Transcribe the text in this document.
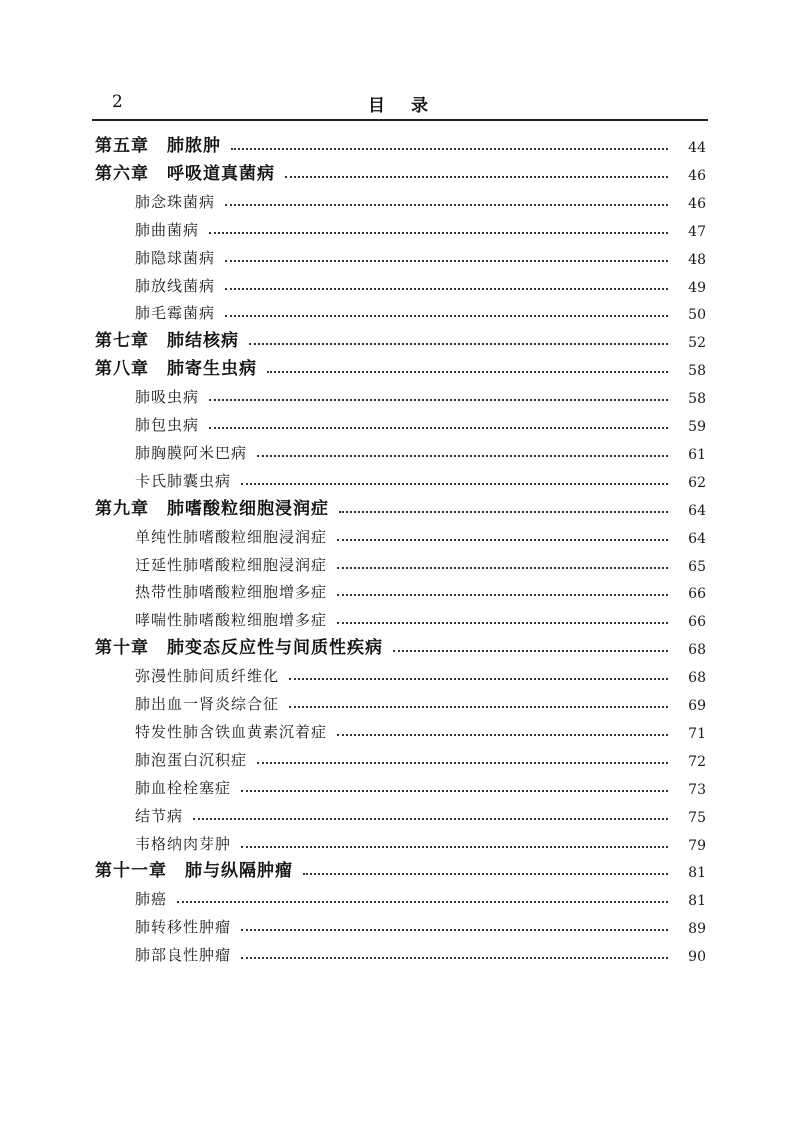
2	目录
第五章 肺脓肿	44
第六章 呼吸道真菌病	46
肺念珠菌病	46
肺曲菌病	47
肺隐球菌病	48
肺放线菌病	49
肺毛霉菌病	50
第七章 肺结核病	52
第八章 肺寄生虫病	58
肺吸虫病	58
肺包虫病	59
肺胸膜阿米巴病	61
卡氏肺囊虫病	62
第九章 肺嗜酸粒细胞浸润症	64
单纯性肺嗜酸粒细胞浸润症	64
迁延性肺嗜酸粒细胞浸润症	65
热带性肺嗜酸粒细胞增多症	66
哮喘性肺嗜酸粒细胞增多症	66
第十章 肺变态反应性与间质性疾病	68
弥漫性肺间质纤维化	68
肺出血一肾炎综合征	69
特发性肺含铁血黄素沉着症	71
肺泡蛋白沉积症	72
肺血栓栓塞症	73
结节病	75
韦格纳肉芽肿	79
第十一章 肺与纵隔肿瘤	81
肺癌	81
肺转移性肿瘤	89
肺部良性肿瘤	90
